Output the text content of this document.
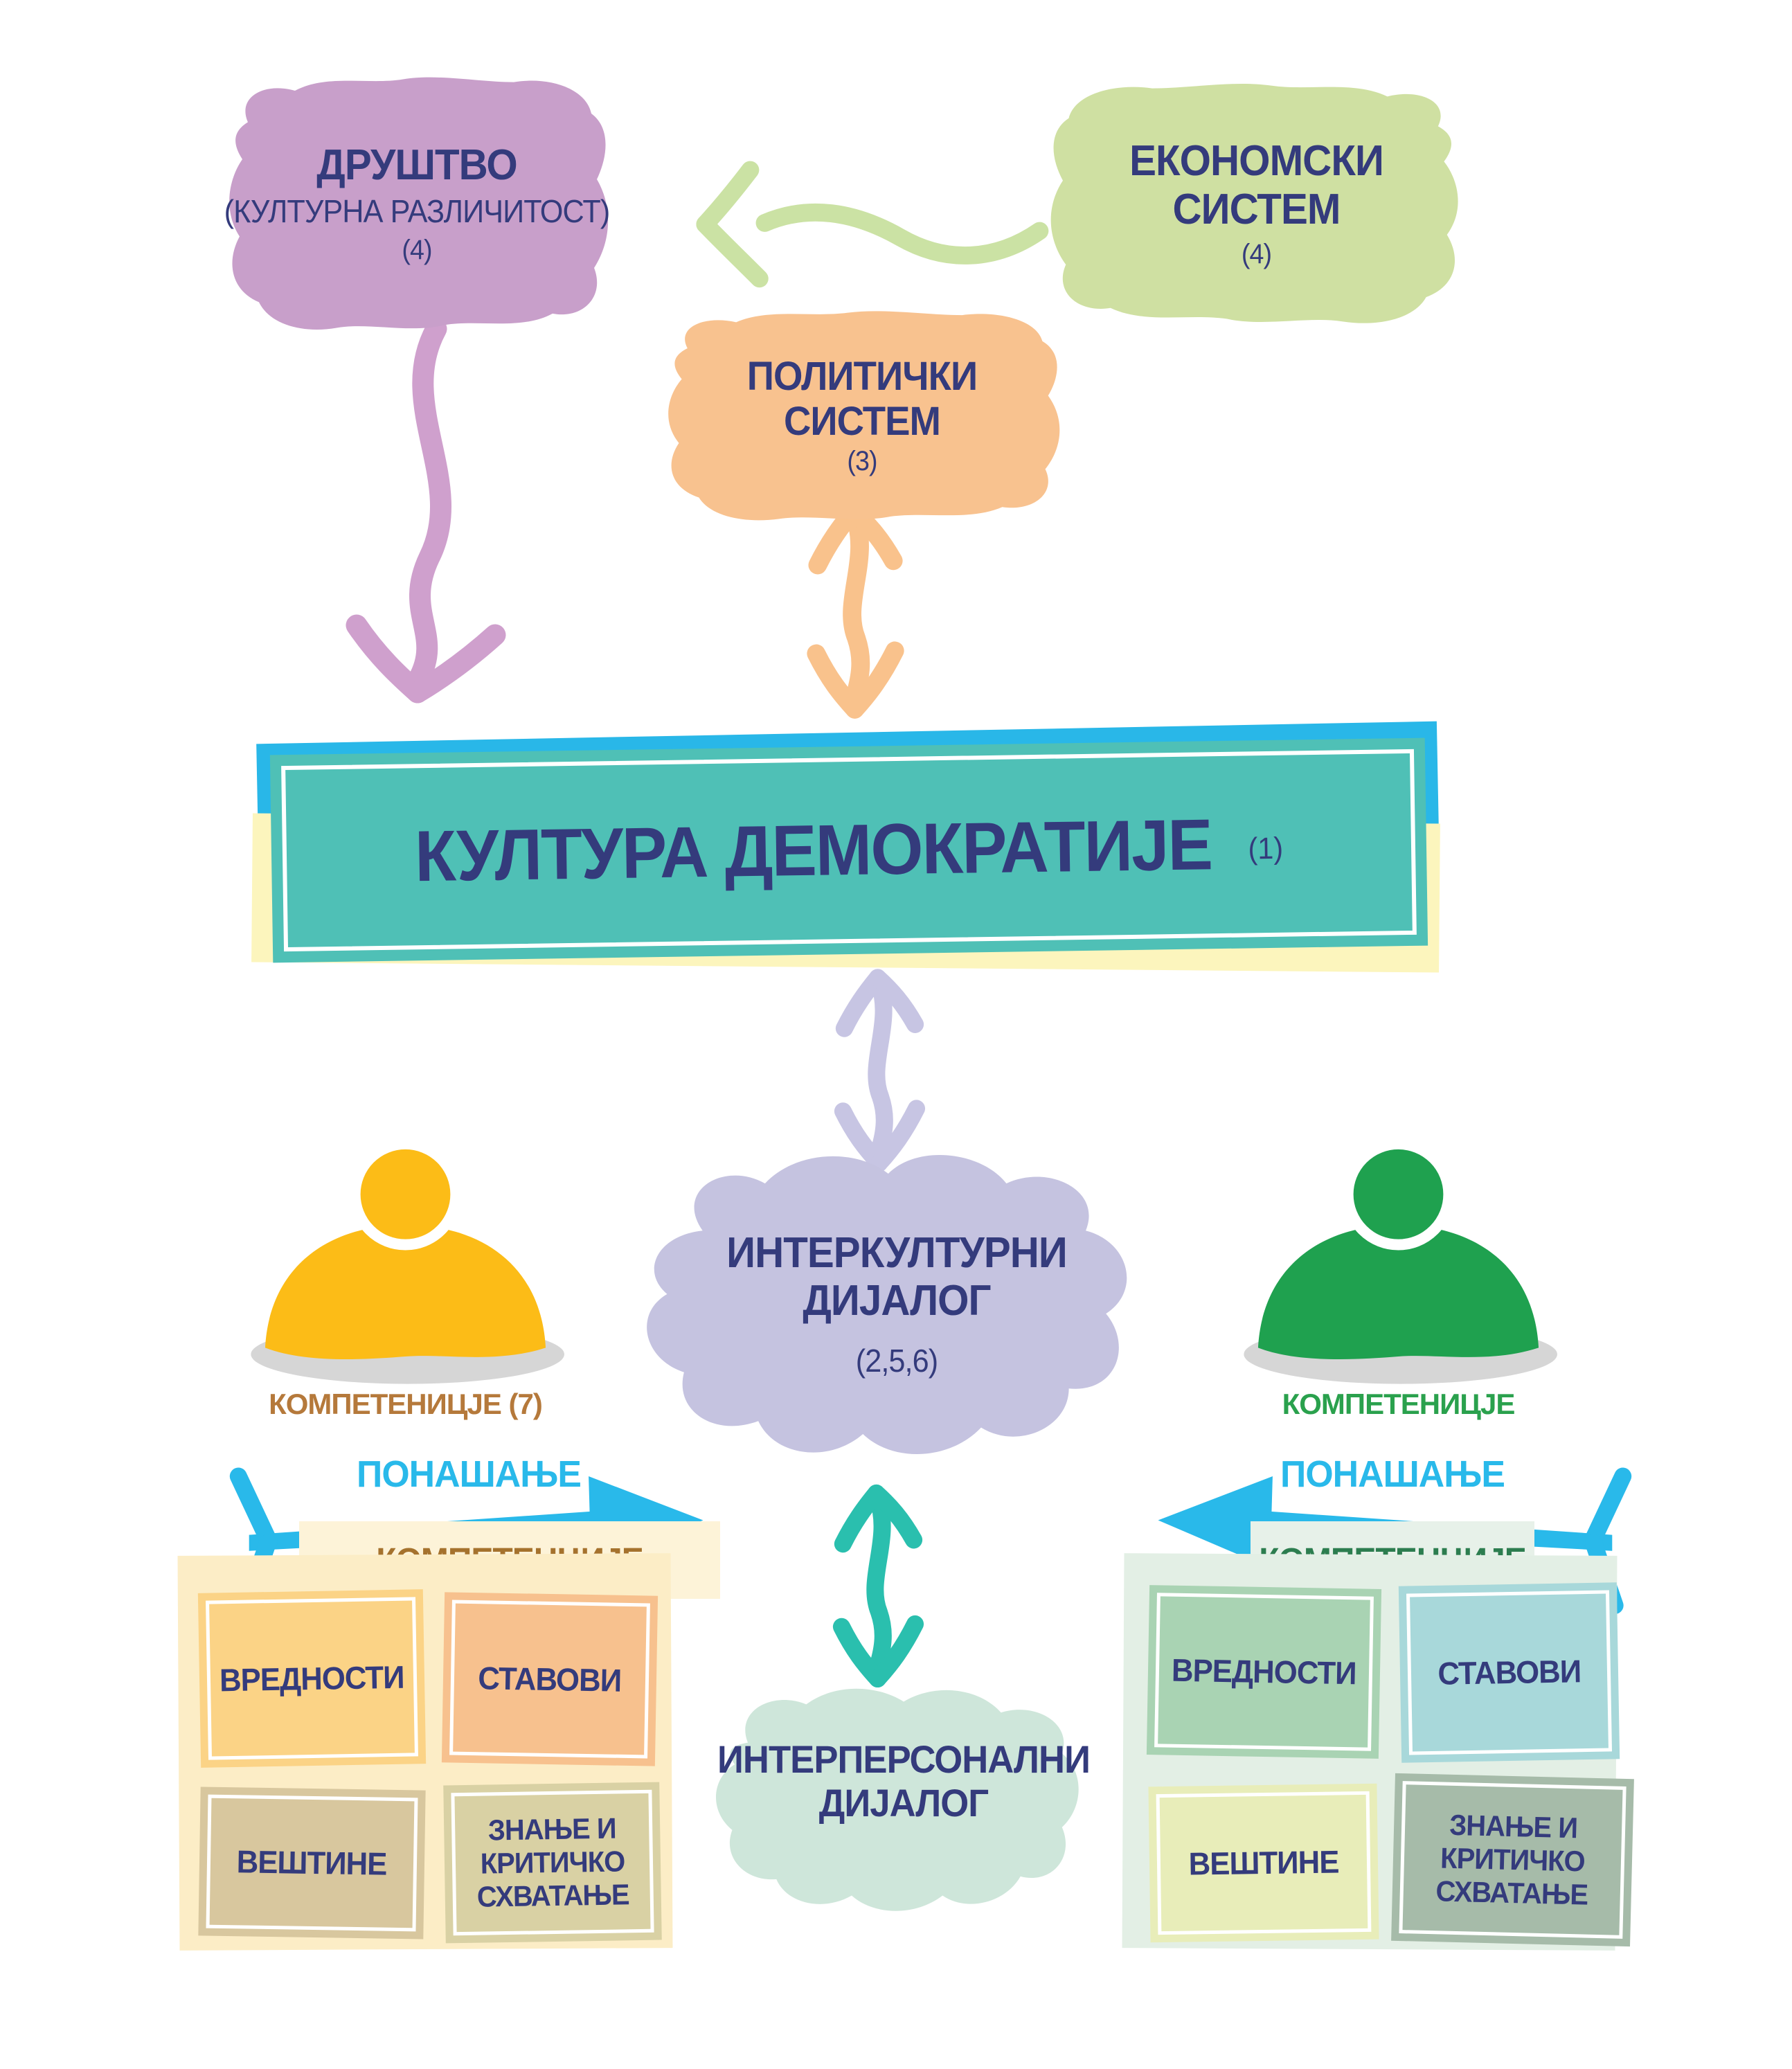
ДРУШТВО
(КУЛТУРНА РАЗЛИЧИТОСТ)
(4)
ЕКОНОМСКИ
СИСТЕМ
(4)
ПОЛИТИЧКИ
СИСТЕМ
(3)
КУЛТУРА ДЕМОКРАТИЈЕ (1)
ИНТЕРКУЛТУРНИ
ДИЈАЛОГ
(2,5,6)
ИНТЕРПЕРСОНАЛНИ
ДИЈАЛОГ
КОМПЕТЕНИЦЈЕ (7)	КОМПЕТЕНИЦЈЕ
ПОНАШАЊЕ	ПОНАШАЊЕ
ВРЕДНОСТИ СТАВОВИ
ВЕШТИНЕ
ЗНАЊЕ И КРИТИЧКО СХВАТАЊЕ
ВРЕДНОСТИ	СТАВОВИ
ВЕШТИНЕ
ЗНАЊЕ И КРИТИЧКО СХВАТАЊЕ
